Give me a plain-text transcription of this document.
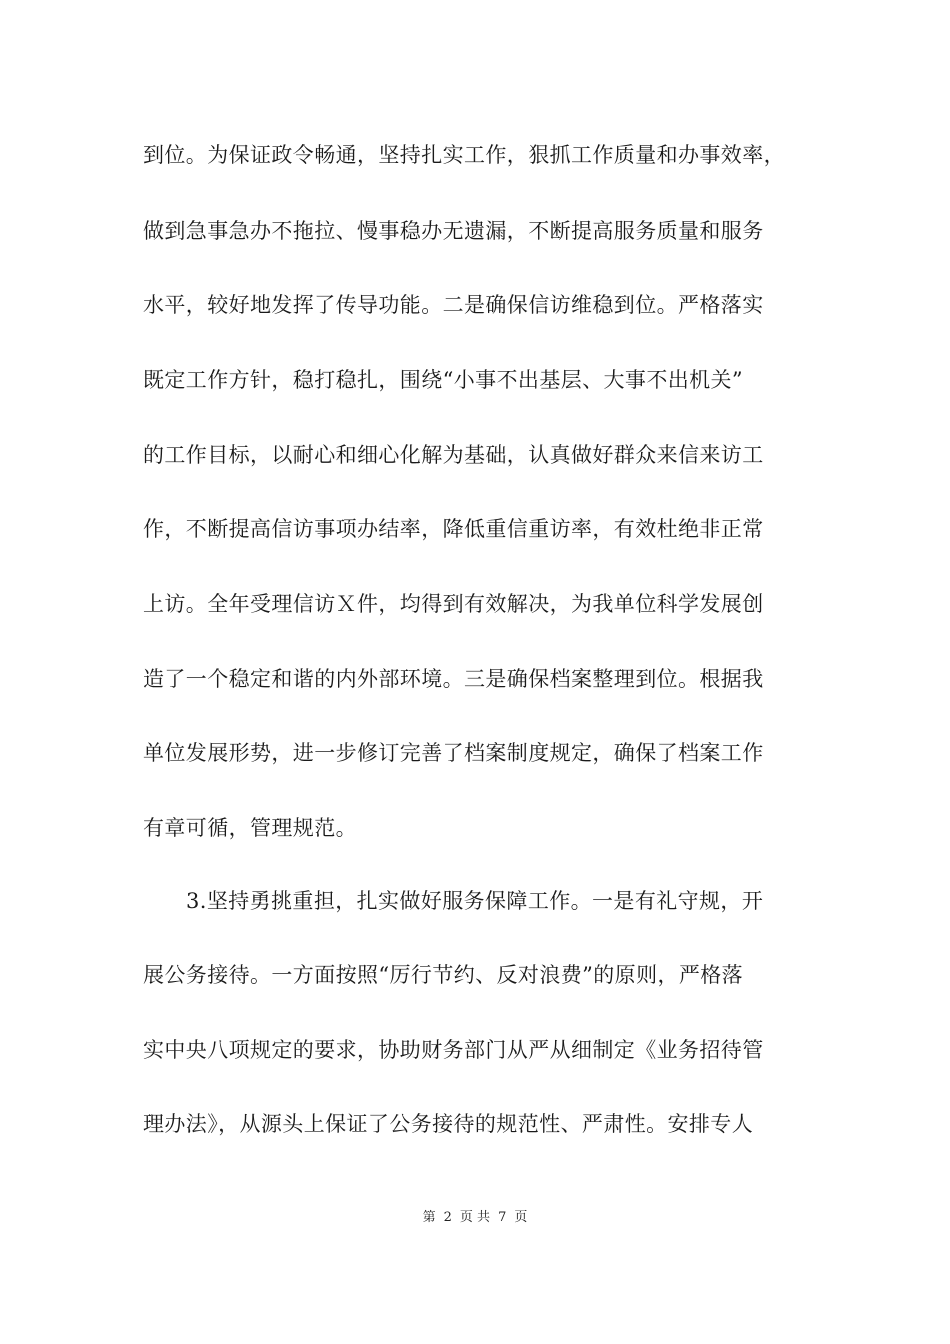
到位。为保证政令畅通，坚持扎实工作，狠抓工作质量和办事效率，
做到急事急办不拖拉、慢事稳办无遗漏，不断提高服务质量和服务
水平，较好地发挥了传导功能。二是确保信访维稳到位。严格落实
既定工作方针，稳打稳扎，围绕“小事不出基层、大事不出机关”
的工作目标，以耐心和细心化解为基础，认真做好群众来信来访工
作，不断提高信访事项办结率，降低重信重访率，有效杜绝非正常
上访。全年受理信访Ｘ件，均得到有效解决，为我单位科学发展创
造了一个稳定和谐的内外部环境。三是确保档案整理到位。根据我
单位发展形势，进一步修订完善了档案制度规定，确保了档案工作
有章可循，管理规范。
3.坚持勇挑重担，扎实做好服务保障工作。一是有礼守规，开
展公务接待。一方面按照“厉行节约、反对浪费”的原则，严格落
实中央八项规定的要求，协助财务部门从严从细制定《业务招待管
理办法》，从源头上保证了公务接待的规范性、严肃性。安排专人
第 2 页 共 7 页
